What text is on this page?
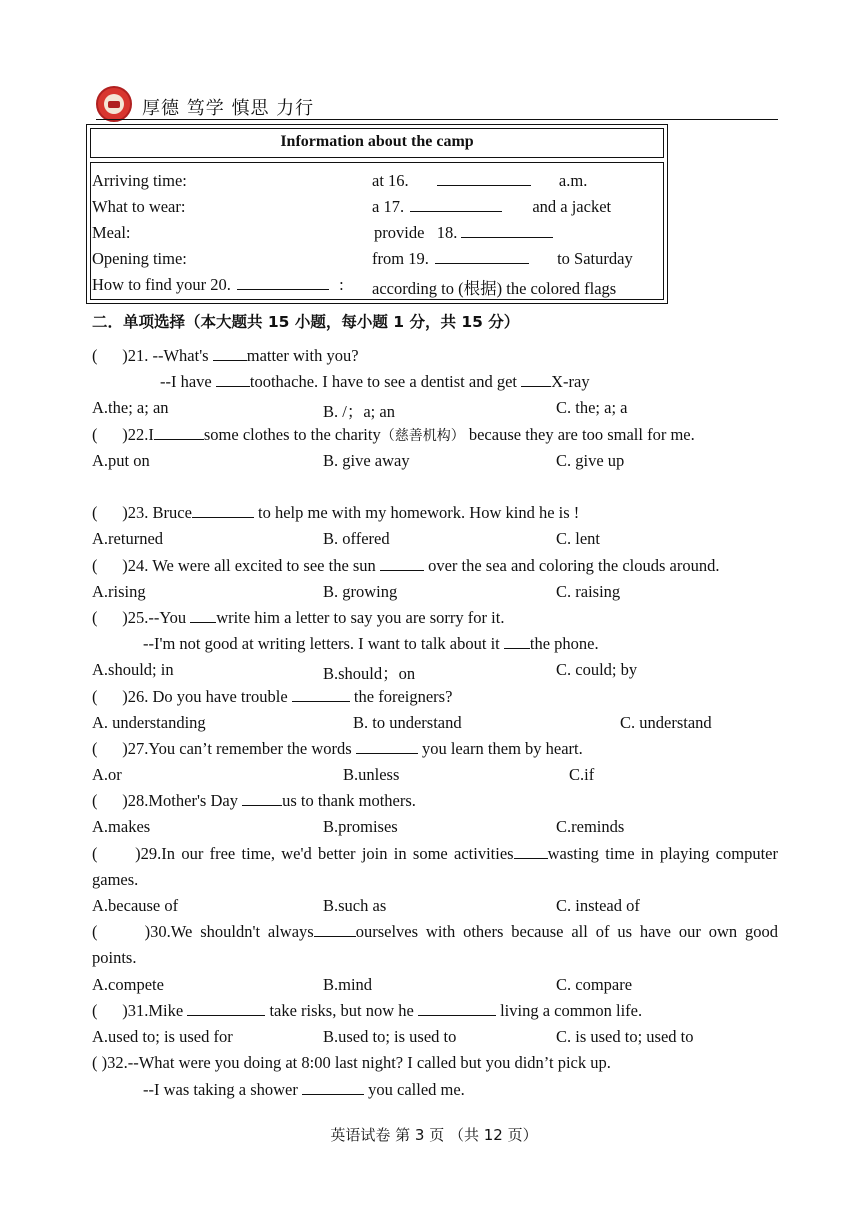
厚德 笃学 慎思 力行
Information about the camp
Arriving time:	at 16.	a.m.
What to wear:	a 17.	and a jacket
Meal:	provide   18.
Opening time:	from 19.	to Saturday
How to find your 20.	: according to (根据) the colored flags
二．单项选择（本大题共 15 小题，每小题 1 分，共 15 分）
(      )21. --What's matter with you?
--I have toothache. I have to see a dentist and get X-ray
A.the; a; an	B. /；a; an	C. the; a; a
(      )22.I	some clothes to the charity（慈善机构） because they are too small for me.
A.put on	B. give away	C. give up
(      )23. Bruce	to help me with my homework. How kind he is !
A.returned	B. offered	C. lent
(      )24. We were all excited to see the sun	over the sea and coloring the clouds around.
A.rising	B. growing	C. raising
(      )25.--You write him a letter to say you are sorry for it.
--I'm not good at writing letters. I want to talk about it the phone.
A.should; in	B.should；on	C. could; by
(      )26. Do you have trouble	the foreigners?
A. understanding	B. to understand	C. understand
(      )27.You can’t remember the words	you learn them by heart.
A.or	B.unless	C.if
(      )28.Mother's Day us to thank mothers.
A.makes	B.promises	C.reminds
(      )29.In our free time, we'd better join in some activities wasting time in playing computer
games.
A.because of	B.such as	C. instead of
(      )30.We shouldn't always	ourselves with others because all of us have our own good
points.
A.compete	B.mind	C. compare
(      )31.Mike	take risks, but now he	living a common life.
A.used to; is used for	B.used to; is used to	C. is used to; used to
( )32.--What were you doing at 8:00 last night? I called but you didn’t pick up.
--I was taking a shower	you called me.
英语试卷 第 3 页 （共 12 页）
